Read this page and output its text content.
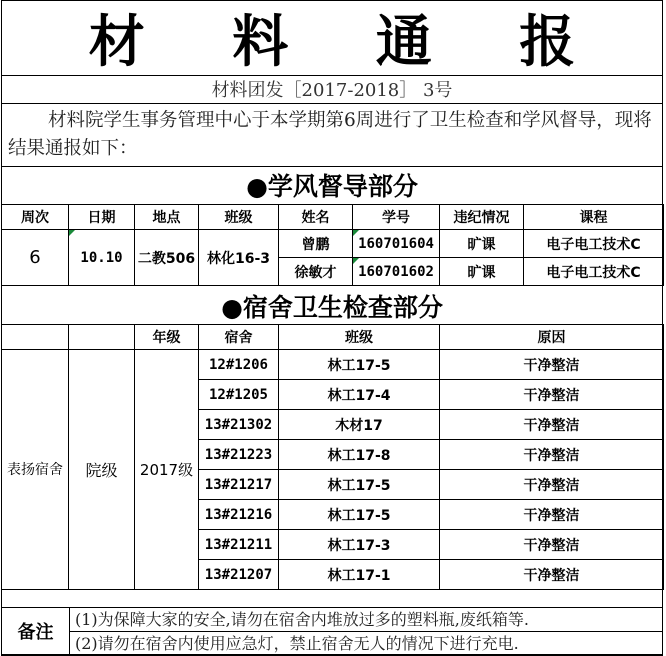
材 料 通 报
材料团发［2017-2018］ 3号
材料院学生事务管理中心于本学期第6周进行了卫生检查和学风督导，现将结果通报如下：
●学风督导部分
周次	日期	地点	班级	姓名	学号	违纪情况	课程
6	10.10	二教506	林化16-3	曾鹏	160701604	旷课	电子电工技术C
				徐敏才	160701602	旷课	电子电工技术C
●宿舍卫生检查部分
		年级	宿舍	班级	原因
表扬宿舍	院级	2017级	12#1206	林工17-5	干净整洁
			12#1205	林工17-4	干净整洁
			13#21302	木材17	干净整洁
			13#21223	林工17-8	干净整洁
			13#21217	林工17-5	干净整洁
			13#21216	林工17-5	干净整洁
			13#21211	林工17-3	干净整洁
			13#21207	林工17-1	干净整洁
备注
(1)为保障大家的安全,请勿在宿舍内堆放过多的塑料瓶,废纸箱等.
(2)请勿在宿舍内使用应急灯，禁止宿舍无人的情况下进行充电.
